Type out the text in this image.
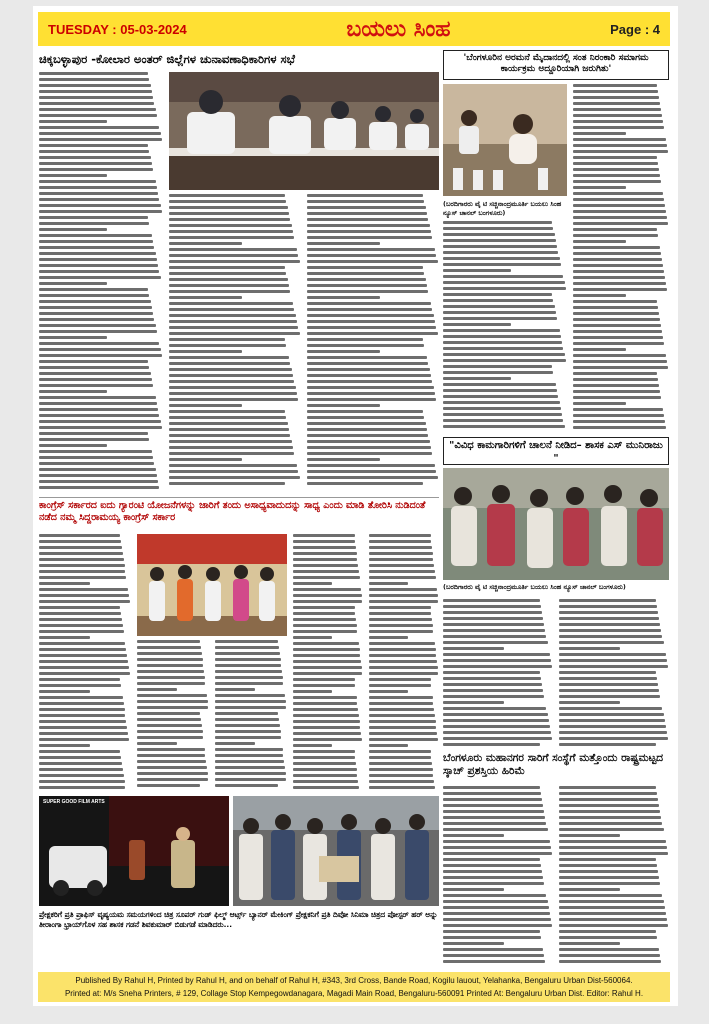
TUESDAY : 05-03-2024	ಬಯಲು ಸಿಂಹ	Page : 4
ಚಿಕ್ಕಬಳ್ಳಾಪುರ -ಕೋಲಾರ ಅಂತರ್ ಜಿಲ್ಲೆಗಳ ಚುನಾವಣಾಧಿಕಾರಿಗಳ ಸಭೆ	'ಬೆಂಗಳೂರಿನ ಅರಮನೆ ಮೈದಾನದಲ್ಲಿ ಸಂತ ನಿರಂಕಾರಿ ಸಮಾಗಮ ಕಾರ್ಯಕ್ರಮ ಅದ್ದೂರಿಯಾಗಿ ಜರುಗಿತು'
(ಬರದಿಗಾರರು ವೈ ಟಿ ಸಚ್ಚಿನಾಂದ್ರಮೂರ್ತಿ ಬಯಲು ಸಿಂಹ ನ್ಯೂಸ್ ಚಾನಲ್ ಬಂಗಳೂರು)
"ವಿವಿಧ ಕಾಮಗಾರಿಗಳಿಗೆ ಚಾಲನೆ ನೀಡಿದ– ಶಾಸಕ ಎಸ್ ಮುನಿರಾಜು "
(ಬರದಿಗಾರರು ವೈ ಟಿ ಸಚ್ಚಿನಾಂದ್ರಮೂರ್ತಿ ಬಯಲು ಸಿಂಹ ನ್ಯೂಸ್ ಚಾನಲ್ ಬಂಗಳೂರು)
ಕಾಂಗ್ರೆಸ್ ಸರ್ಕಾರದ ಐದು ಗ್ಯಾರಂಟಿ ಯೋಜನೆಗಳನ್ನು ಜಾರಿಗೆ ತಂದು ಅಸಾಧ್ಯವಾದುದನ್ನು ಸಾಧ್ಯ ಎಂದು ಮಾಡಿ ತೋರಿಸಿ ನುಡಿದಂತೆ ನಡೆದ ನಮ್ಮ ಸಿದ್ದರಾಮಯ್ಯ ಕಾಂಗ್ರೆಸ್ ಸರ್ಕಾರ
ಬೆಂಗಳೂರು ಮಹಾನಗರ ಸಾರಿಗೆ ಸಂಸ್ಥೆಗೆ ಮತ್ತೊಂದು ರಾಷ್ಟ್ರಮಟ್ಟದ ಸ್ಕಾಚ್ ಪ್ರಶಸ್ತಿಯ ಹಿರಿಮೆ
SUPER GOOD FILM ARTS
ಪ್ರೇಕ್ಷಕರಿಗೆ ಪ್ರತಿ ಪ್ರಾಫಿಸ್ ವೃಷ್ಯಯಮ ಸಮಯಗಳಿಂದ ಚಿತ್ರ ಸೂಪರ್ ಗುಡ್ ಫಿಲ್ಮ್ ಆರ್ಟ್ಸ್ ಬ್ಯಾನರ್ ಮೇಕಿಂಗ್ ಪ್ರೇಕ್ಷಕನಿಗೆ ಪ್ರತಿ ದಿವೋ ಸಿನಿಮಾ ಚಿತ್ರದ ಪೋಸ್ಟರ್ ಹರ್ ಅನ್ನು ತೀರಾಂಗಾ ಭ್ರಾಯ್‌ಗೊಳ ಸಹ ಶಾಸಕ ಗಡನೆ ಶಿವಕುಮಾರ್ ಬಿಡುಗಡೆ ಮಾಡಿದರು...
Published By Rahul H, Printed by Rahul H, and on behalf of Rahul H, #343, 3rd Cross, Bande Road, Kogilu lauout, Yelahanka, Bengaluru Urban Dist-560064.
Printed at: M/s Sneha Printers, # 129, Collage Stop Kempegowdanagara, Magadi Main Road, Bengaluru-560091 Printed At: Bengaluru Urban Dist. Editor: Rahul H.
